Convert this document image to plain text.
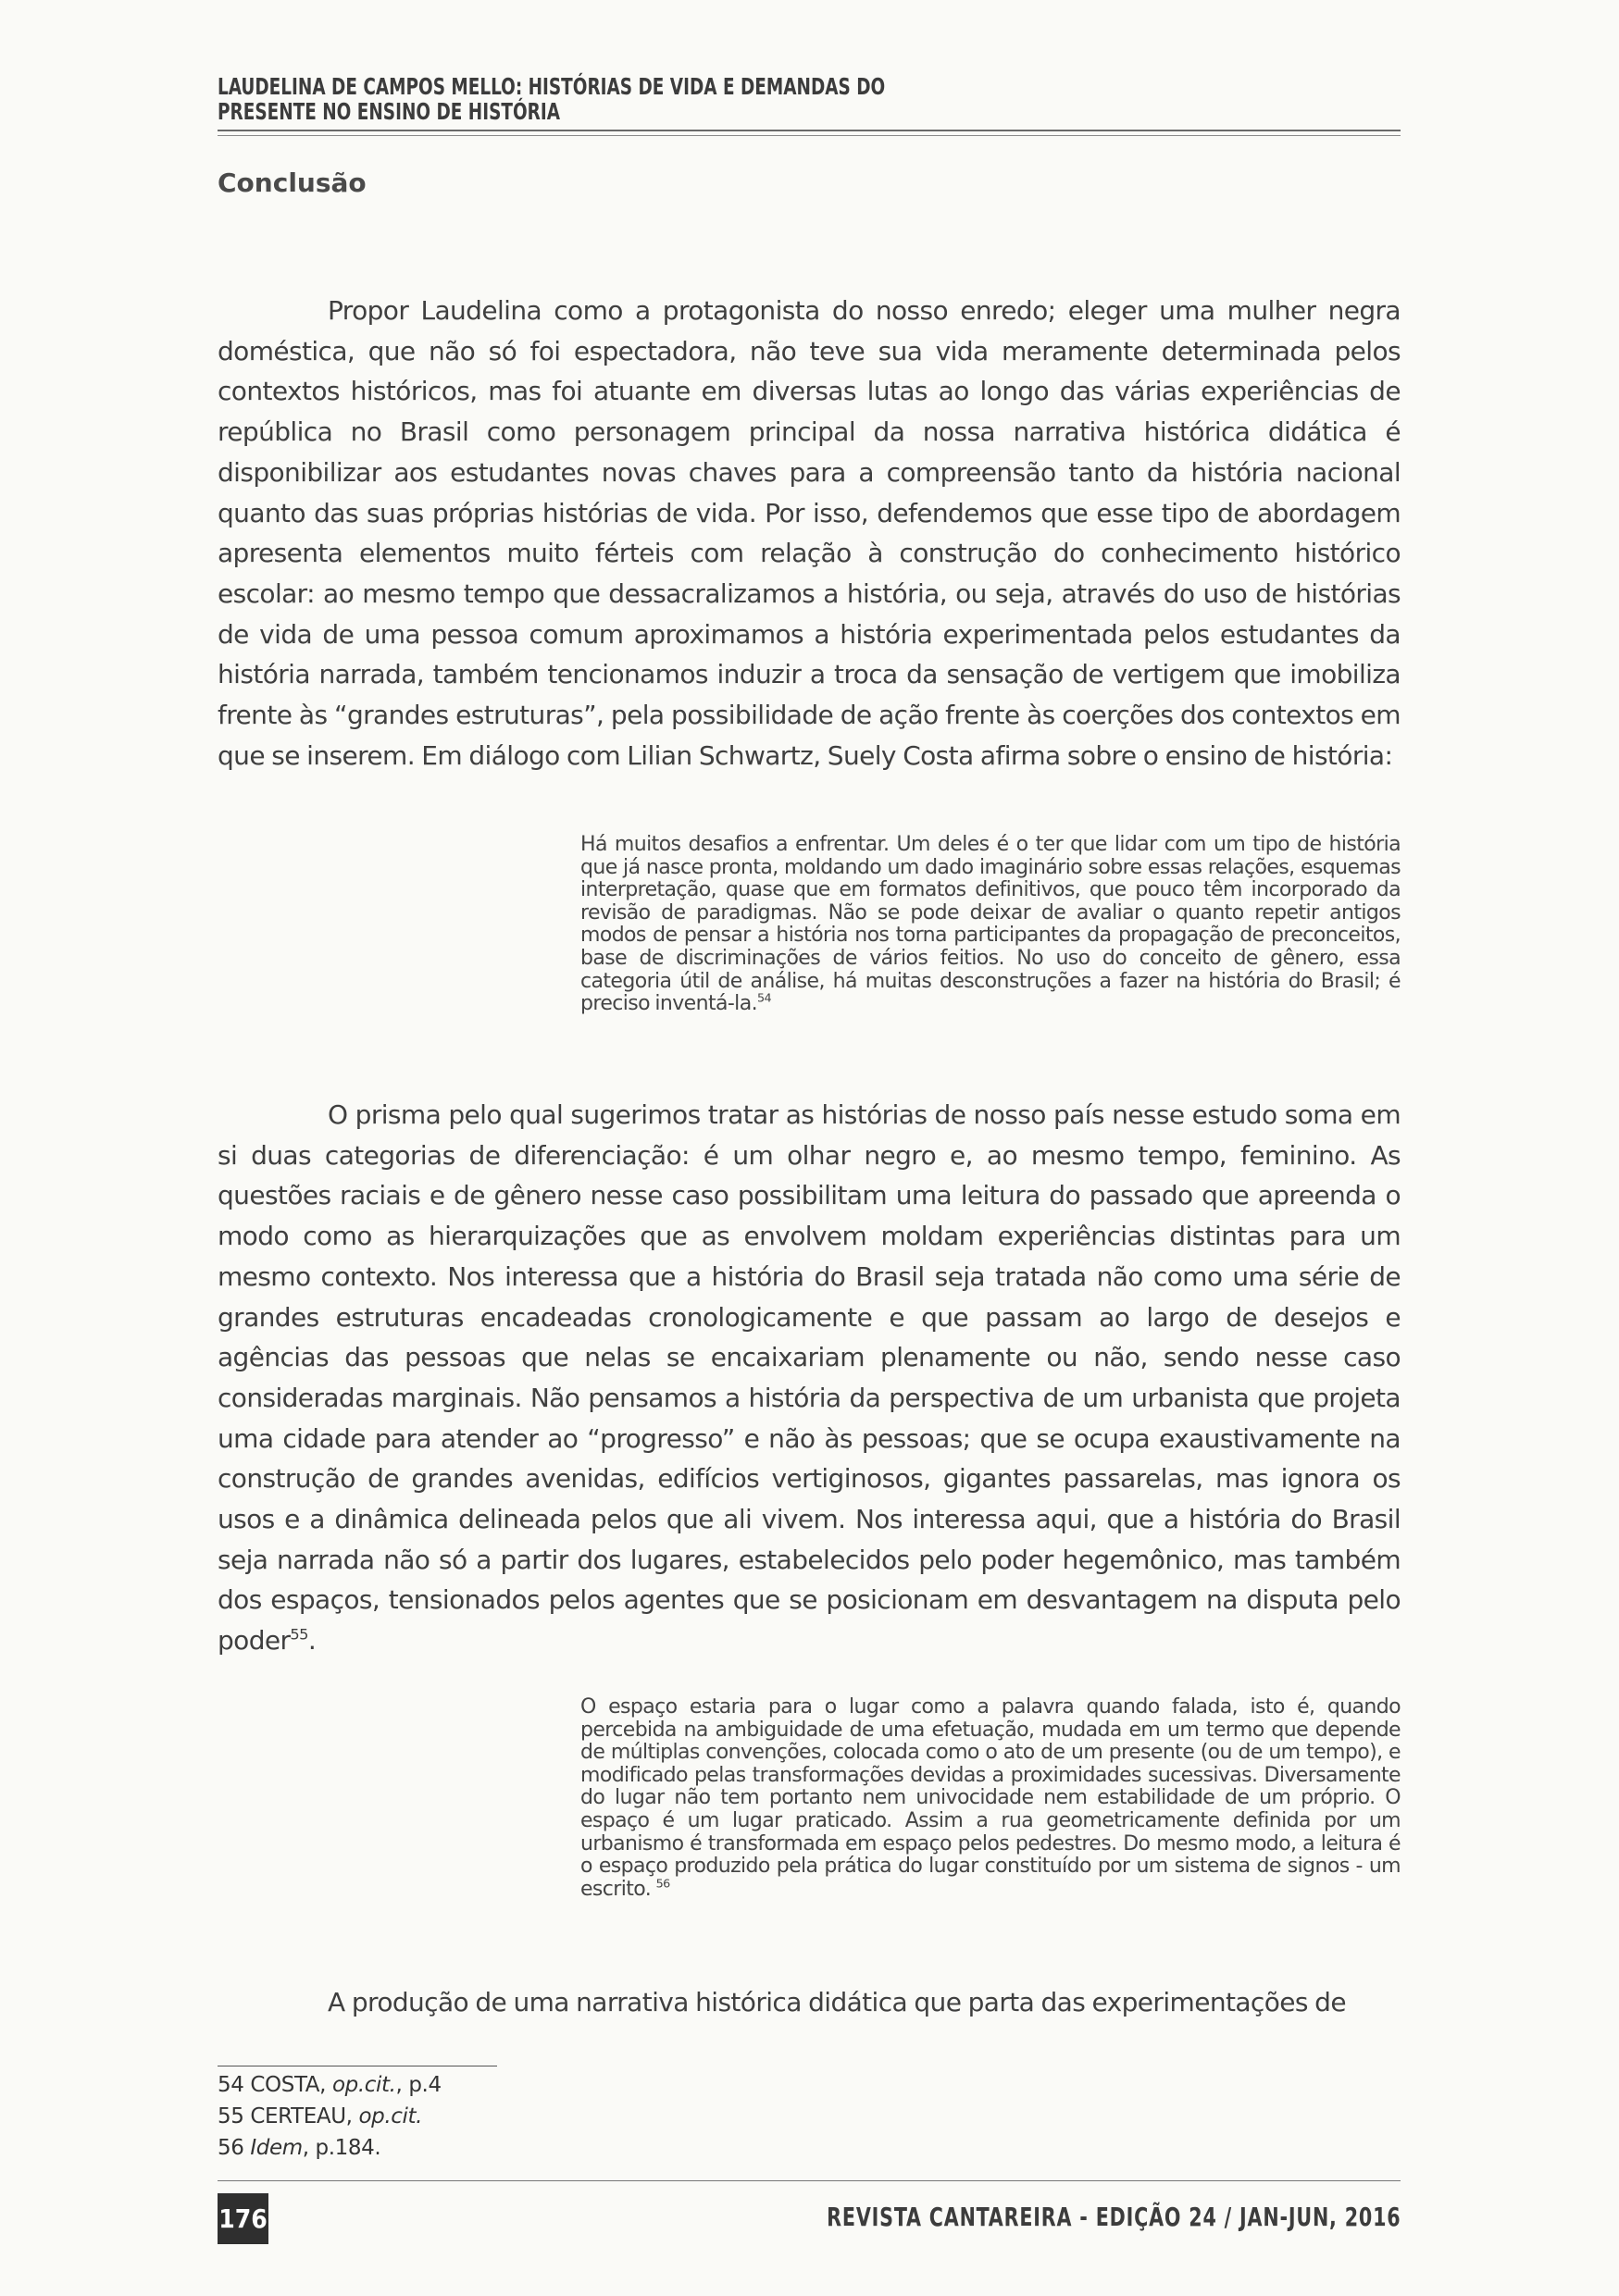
LAUDELINA DE CAMPOS MELLO: HISTÓRIAS DE VIDA E DEMANDAS DO PRESENTE NO ENSINO DE HISTÓRIA
Conclusão

Propor Laudelina como a protagonista do nosso enredo; eleger uma mulher negra doméstica, que não só foi espectadora, não teve sua vida meramente determinada pelos contextos históricos, mas foi atuante em diversas lutas ao longo das várias experiências de república no Brasil como personagem principal da nossa narrativa histórica didática é disponibilizar aos estudantes novas chaves para a compreensão tanto da história nacional quanto das suas próprias histórias de vida. Por isso, defendemos que esse tipo de abordagem apresenta elementos muito férteis com relação à construção do conhecimento histórico escolar: ao mesmo tempo que dessacralizamos a história, ou seja, através do uso de histórias de vida de uma pessoa comum aproximamos a história experimentada pelos estudantes da história narrada, também tencionamos induzir a troca da sensação de vertigem que imobiliza frente às “grandes estruturas”, pela possibilidade de ação frente às coerções dos contextos em que se inserem. Em diálogo com Lilian Schwartz, Suely Costa afirma sobre o ensino de história:

Há muitos desafios a enfrentar. Um deles é o ter que lidar com um tipo de história que já nasce pronta, moldando um dado imaginário sobre essas relações, esquemas interpretação, quase que em formatos definitivos, que pouco têm incorporado da revisão de paradigmas. Não se pode deixar de avaliar o quanto repetir antigos modos de pensar a história nos torna participantes da propagação de preconceitos, base de discriminações de vários feitios. No uso do conceito de gênero, essa categoria útil de análise, há muitas desconstruções a fazer na história do Brasil; é preciso inventá-la.$^{54}$

O prisma pelo qual sugerimos tratar as histórias de nosso país nesse estudo soma em si duas categorias de diferenciação: é um olhar negro e, ao mesmo tempo, feminino. As questões raciais e de gênero nesse caso possibilitam uma leitura do passado que apreenda o modo como as hierarquizações que as envolvem moldam experiências distintas para um mesmo contexto. Nos interessa que a história do Brasil seja tratada não como uma série de grandes estruturas encadeadas cronologicamente e que passam ao largo de desejos e agências das pessoas que nelas se encaixariam plenamente ou não, sendo nesse caso consideradas marginais. Não pensamos a história da perspectiva de um urbanista que projeta uma cidade para atender ao “progresso” e não às pessoas; que se ocupa exaustivamente na construção de grandes avenidas, edifícios vertiginosos, gigantes passarelas, mas ignora os usos e a dinâmica delineada pelos que ali vivem. Nos interessa aqui, que a história do Brasil seja narrada não só a partir dos lugares, estabelecidos pelo poder hegemônico, mas também dos espaços, tensionados pelos agentes que se posicionam em desvantagem na disputa pelo poder$^{55}$.

O espaço estaria para o lugar como a palavra quando falada, isto é, quando percebida na ambiguidade de uma efetuação, mudada em um termo que depende de múltiplas convenções, colocada como o ato de um presente (ou de um tempo), e modificado pelas transformações devidas a proximidades sucessivas. Diversamente do lugar não tem portanto nem univocidade nem estabilidade de um próprio. O espaço é um lugar praticado. Assim a rua geometricamente definida por um urbanismo é transformada em espaço pelos pedestres. Do mesmo modo, a leitura é o espaço produzido pela prática do lugar constituído por um sistema de signos - um escrito. $^{56}$

A produção de uma narrativa histórica didática que parta das experimentações de

54 COSTA, op.cit., p.4
55 CERTEAU, op.cit.
56 Idem, p.184.
176	REVISTA CANTAREIRA - EDIÇÃO 24 / JAN-JUN, 2016
